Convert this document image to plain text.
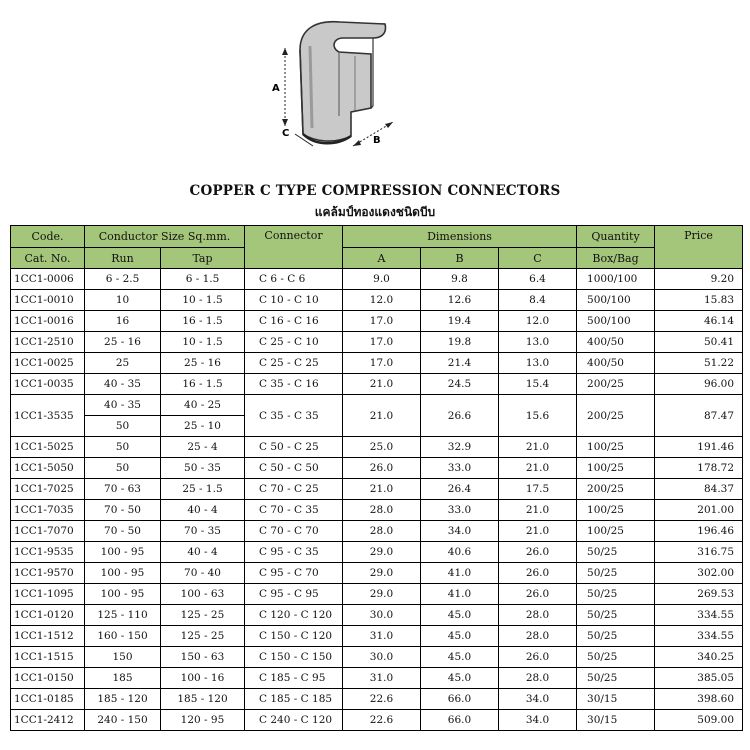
A
C
B
COPPER C TYPE COMPRESSION CONNECTORS
แคล้มป์ทองแดงชนิดบีบ
Code.	Conductor Size Sq.mm.		Connector	Dimensions			Quantity	Price
Cat. No.	Run	Tap		A	B	C	Box/Bag	
1CC1-0006	6 - 2.5	6 - 1.5	C 6 - C 6	9.0	9.8	6.4	1000/100	9.20
1CC1-0010	10	10 - 1.5	C 10 - C 10	12.0	12.6	8.4	500/100	15.83
1CC1-0016	16	16 - 1.5	C 16 - C 16	17.0	19.4	12.0	500/100	46.14
1CC1-2510	25 - 16	10 - 1.5	C 25 - C 10	17.0	19.8	13.0	400/50	50.41
1CC1-0025	25	25 - 16	C 25 - C 25	17.0	21.4	13.0	400/50	51.22
1CC1-0035	40 - 35	16 - 1.5	C 35 - C 16	21.0	24.5	15.4	200/25	96.00
1CC1-3535	40 - 35	40 - 25	C 35 - C 35	21.0	26.6	15.6	200/25	87.47
	50	25 - 10						
1CC1-5025	50	25 - 4	C 50 - C 25	25.0	32.9	21.0	100/25	191.46
1CC1-5050	50	50 - 35	C 50 - C 50	26.0	33.0	21.0	100/25	178.72
1CC1-7025	70 - 63	25 - 1.5	C 70 - C 25	21.0	26.4	17.5	200/25	84.37
1CC1-7035	70 - 50	40 - 4	C 70 - C 35	28.0	33.0	21.0	100/25	201.00
1CC1-7070	70 - 50	70 - 35	C 70 - C 70	28.0	34.0	21.0	100/25	196.46
1CC1-9535	100 - 95	40 - 4	C 95 - C 35	29.0	40.6	26.0	50/25	316.75
1CC1-9570	100 - 95	70 - 40	C 95 - C 70	29.0	41.0	26.0	50/25	302.00
1CC1-1095	100 - 95	100 - 63	C 95 - C 95	29.0	41.0	26.0	50/25	269.53
1CC1-0120	125 - 110	125 - 25	C 120 - C 120	30.0	45.0	28.0	50/25	334.55
1CC1-1512	160 - 150	125 - 25	C 150 - C 120	31.0	45.0	28.0	50/25	334.55
1CC1-1515	150	150 - 63	C 150 - C 150	30.0	45.0	26.0	50/25	340.25
1CC1-0150	185	100 - 16	C 185 - C 95	31.0	45.0	28.0	50/25	385.05
1CC1-0185	185 - 120	185 - 120	C 185 - C 185	22.6	66.0	34.0	30/15	398.60
1CC1-2412	240 - 150	120 - 95	C 240 - C 120	22.6	66.0	34.0	30/15	509.00
